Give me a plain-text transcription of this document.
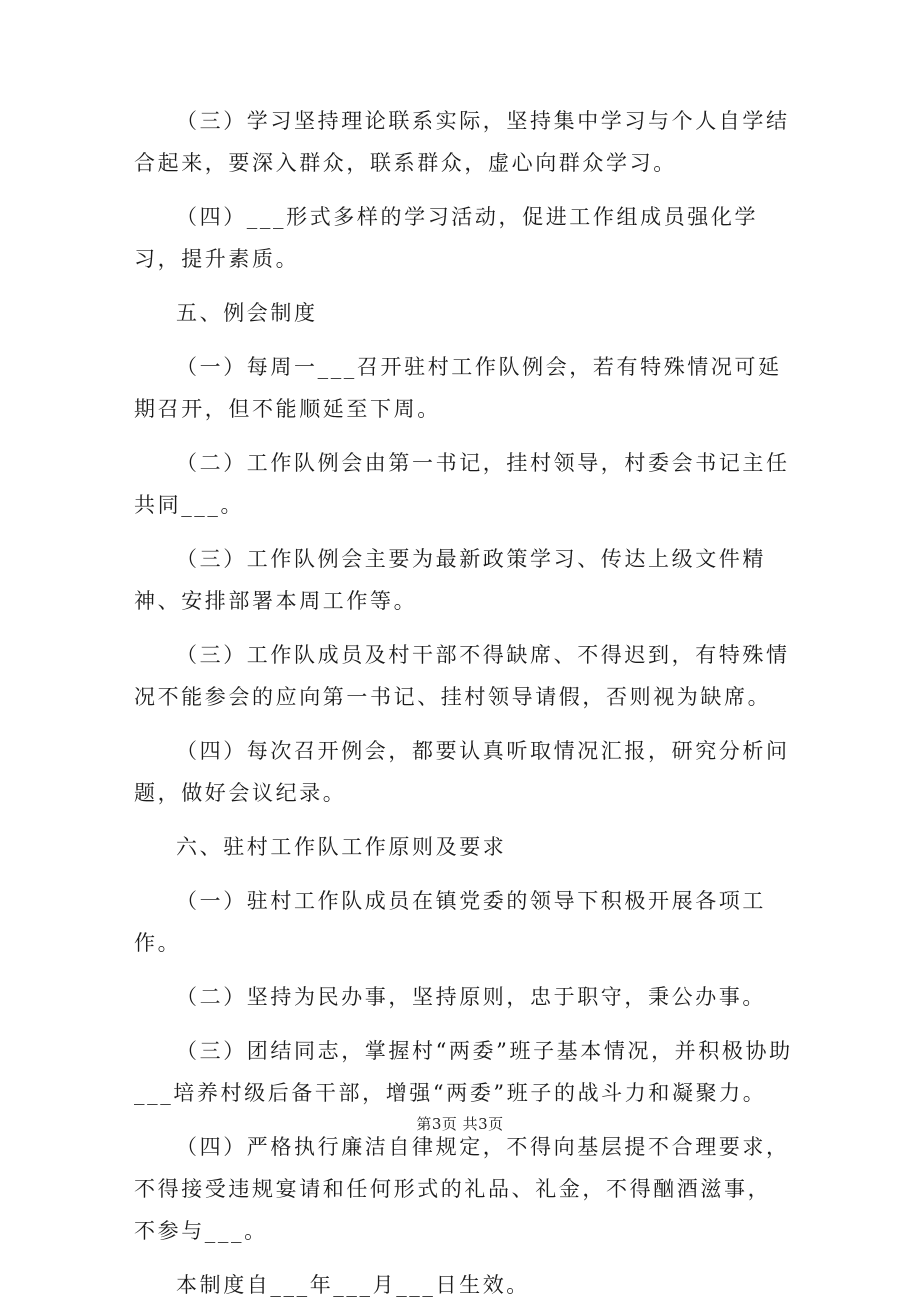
（三）学习坚持理论联系实际，坚持集中学习与个人自学结合起来，要深入群众，联系群众，虚心向群众学习。

（四）___形式多样的学习活动，促进工作组成员强化学习，提升素质。

五、例会制度

（一）每周一___召开驻村工作队例会，若有特殊情况可延期召开，但不能顺延至下周。

（二）工作队例会由第一书记，挂村领导，村委会书记主任共同___。

（三）工作队例会主要为最新政策学习、传达上级文件精神、安排部署本周工作等。

（三）工作队成员及村干部不得缺席、不得迟到，有特殊情况不能参会的应向第一书记、挂村领导请假，否则视为缺席。

（四）每次召开例会，都要认真听取情况汇报，研究分析问题，做好会议纪录。

六、驻村工作队工作原则及要求

（一）驻村工作队成员在镇党委的领导下积极开展各项工作。

（二）坚持为民办事，坚持原则，忠于职守，秉公办事。

（三）团结同志，掌握村“两委”班子基本情况，并积极协助___培养村级后备干部，增强“两委”班子的战斗力和凝聚力。

（四）严格执行廉洁自律规定，不得向基层提不合理要求，不得接受违规宴请和任何形式的礼品、礼金，不得酗酒滋事，不参与___。

本制度自___年___月___日生效。

第3页 共3页
